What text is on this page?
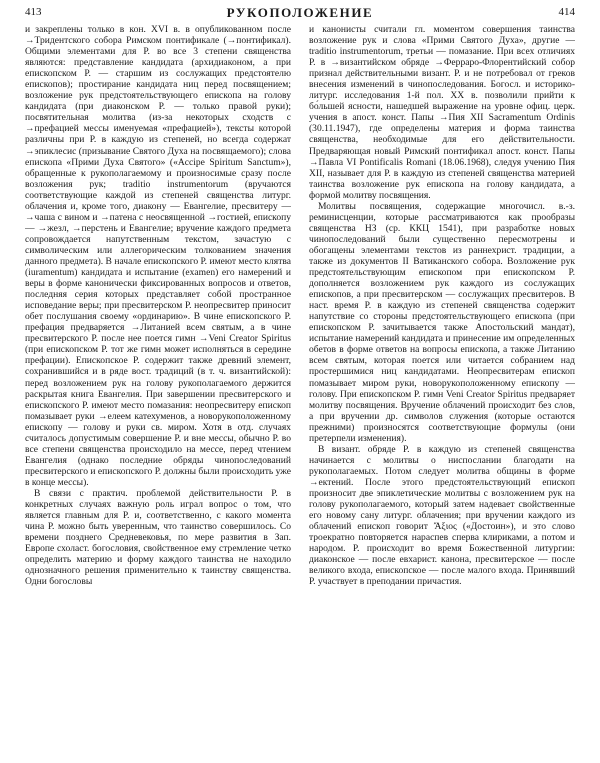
413	РУКОПОЛОЖЕНИЕ	414

и закреплены только в кон. XVI в. в опубликованном после →Тридентского собора Римском понтификале (→понтификал). Общими элементами для Р. во все 3 степени священства являются: представление кандидата (архидиаконом, а при епископском Р. — старшим из сослужащих предстоятелю епископов); простирание кандидата ниц перед посвящением; возложение рук предстоятельствующего епископа на голову кандидата (при диаконском Р. — только правой руки); посвятительная молитва (из-за некоторых сходств с →префацией мессы именуемая «префацией»), тексты которой различны при Р. в каждую из степеней, но всегда содержат →эпиклесис (призывание Святого Духа на посвящаемого); слова епископа «Прими Духа Святого» («Accipe Spiritum Sanctum»), обращенные к рукополагаемому и произносимые сразу после возложения рук; traditio instrumentorum (вручаются соответствующие каждой из степеней священства литург. облачения и, кроме того, диакону — Евангелие, пресвитеру — →чаша с вином и →патена с неосвященной →гостией, епископу — →жезл, →перстень и Евангелие; вручение каждого предмета сопровождается напутственным текстом, зачастую с символическим или аллегорическим толкованием значения данного предмета). В начале епископского Р. имеют место клятва (iuramentum) кандидата и испытание (examen) его намерений и веры в форме канонически фиксированных вопросов и ответов, последняя серия которых представляет собой пространное исповедание веры; при пресвитерском Р. неопресвитер приносит обет послушания своему «ординарию». В чине епископского Р. префация предваряется →Литанией всем святым, а в чине пресвитерского Р. после нее поется гимн →Veni Creator Spiritus (при епископском Р. тот же гимн может исполняться в середине префации). Епископское Р. содержит также древний элемент, сохранившийся и в ряде вост. традиций (в т. ч. византийской): перед возложением рук на голову рукополагаемого держится раскрытая книга Евангелия. При завершении пресвитерского и епископского Р. имеют место помазания: неопресвитеру епископ помазывает руки →елеем катехуменов, а новорукоположенному епископу — голову и руки св. миром. Хотя в отд. случаях считалось допустимым совершение Р. и вне мессы, обычно Р. во все степени священства происходило на мессе, перед чтением Евангелия (однако последние обряды чинопоследований пресвитерского и епископского Р. должны были происходить уже в конце мессы).

В связи с практич. проблемой действительности Р. в конкретных случаях важную роль играл вопрос о том, что является главным для Р. и, соответственно, с какого момента чина Р. можно быть уверенным, что таинство совершилось. Со времени позднего Средневековья, по мере развития в Зап. Европе схоласт. богословия, свойственное ему стремление четко определить материю и форму каждого таинства не находило однозначного решения применительно к таинству священства. Одни богословы

и канонисты считали гл. моментом совершения таинства возложение рук и слова «Прими Святого Духа», другие — traditio instrumentorum, третьи — помазание. При всех отличиях Р. в →византийском обряде →Ферраро-Флорентийский собор признал действительными визант. Р. и не потребовал от греков внесения изменений в чинопоследования. Богосл. и историко-литург. исследования 1-й пол. XX в. позволили прийти к бо́льшей ясности, нашедшей выражение на уровне офиц. церк. учения в апост. конст. Папы →Пия XII Sacramentum Ordinis (30.11.1947), где определены материя и форма таинства священства, необходимые для его действительности. Предваряющая новый Римский понтификал апост. конст. Папы →Павла VI Pontificalis Romani (18.06.1968), следуя учению Пия XII, называет для Р. в каждую из степеней священства материей таинства возложение рук епископа на голову кандидата, а формой молитву посвящения.

Молитвы посвящения, содержащие многочисл. в.-з. реминисценции, которые рассматриваются как прообразы священства НЗ (ср. ККЦ 1541), при разработке новых чинопоследований были существенно пересмотрены и обогащены элементами текстов из раннехрист. традиции, а также из документов II Ватиканского собора. Возложение рук предстоятельствующим епископом при епископском Р. дополняется возложением рук каждого из сослужащих епископов, а при пресвитерском — сослужащих пресвитеров. В наст. время Р. в каждую из степеней священства содержит напутствие со стороны предстоятельствующего епископа (при епископском Р. зачитывается также Апостольский мандат), испытание намерений кандидата и принесение им определенных обетов в форме ответов на вопросы епископа, а также Литанию всем святым, которая поется или читается собранием над простершимися ниц кандидатами. Неопресвитерам епископ помазывает миром руки, новорукоположенному епископу — голову. При епископском Р. гимн Veni Creator Spiritus предваряет молитву посвящения. Вручение облачений происходит без слов, а при вручении др. символов служения (которые остаются прежними) произносятся соответствующие формулы (они претерпели изменения).

В визант. обряде Р. в каждую из степеней священства начинается с молитвы о ниспослании благодати на рукополагаемых. Потом следует молитва общины в форме →ектений. После этого предстоятельствующий епископ произносит две эпиклетические молитвы с возложением рук на голову рукополагаемого, который затем надевает свойственные его новому сану литург. облачения; при вручении каждого из облачений епископ говорит Ἄξιος («Достоин»), и это слово троекратно повторяется нараспев сперва клириками, а потом и народом. Р. происходит во время Божественной литургии: диаконское — после евхарист. канона, пресвитерское — после великого входа, епископское — после малого входа. Принявший Р. участвует в преподании причастия.
